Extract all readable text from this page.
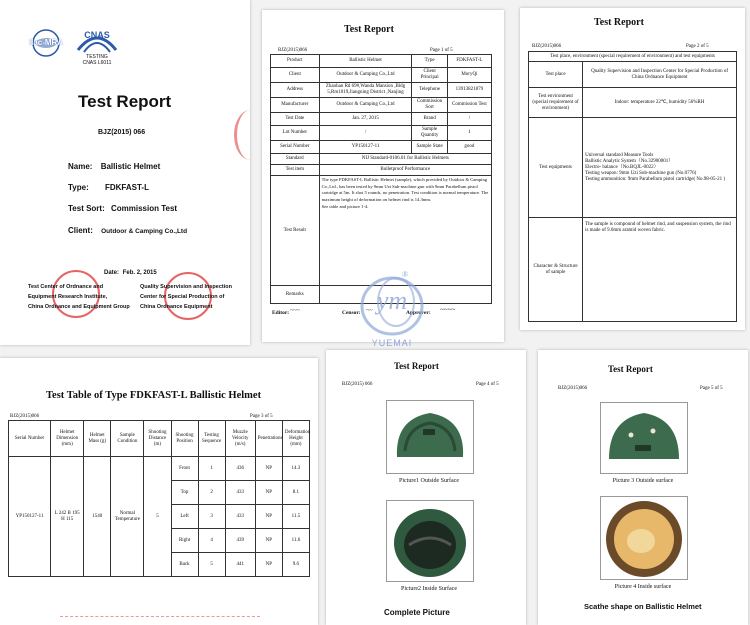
ilac-MRA
CNAS
TESTING
CNAS L6011
Test Report
BJZ(2015) 066
Name: Ballistic Helmet
Type: FDKFAST-L
Test Sort: Commission Test
Client: Outdoor & Camping Co.,Ltd
Date: Feb. 2, 2015
Test Center of Ordnance and
Equipment Research Institute,
China Ordnance and Equipment Group
Quality Supervision and Inspection
Center for Special Production of
China Ordnance Equipment
Test Report
BJZ(2015)066	Page 1 of 5
Product	Ballistic Helmet	Type	FDKFAST-L
Client	Outdoor & Camping Co.,Ltd	Client Principal	MoryQi
Address	Zhaohan Rd 69#,Wanda Mansion ,Bldg 5,Rm1019,Jiangning District ,Nanjing	Telephone	13913821879
Manufacturer	Outdoor & Camping Co.,Ltd	Commission Sort	Commission Test
Test Date	Jan. 27, 2015	Brand	/
Lot Number	/	Sample Quantity	1
Serial Number	YP150127-11	Sample State	good
Standard	NIJ Standard-0106.01 for Ballistic Helmets		
Test item	Bulletproof Performance		
Test Result	The type FDKFAST-L Ballistic Helmet (sample), which provided by Outdoor & Camping Co.,Ltd., has been tested by 9mm Uzi Sub-machine gun with 9mm Parabellum pistol cartridge at 5m. It shot 5 rounds, no penetration. Test condition is normal temperature. The maximum height of deformation on helmet rind is 14.3mm.
See table and picture 1-4.		

Remarks			
Editor: ~~~	Censor: ~~	Approver: ~~~~
Test Report
BJZ(2015)066	Page 2 of 5
Test place, environment (special requirement of environment) and test equipments	
Test place	Quality Supervision and Inspection Center for Special Production of China Ordnance Equipment
Test environment (special requirement of environment)	Indoor: temperature 22℃, humidity 56%RH
Test equipments	Universal standard Measure Tools
Ballistic Analytic System（No.32900001）
Electro- balance（No.BQJL-0022）
Testing weapon: 9mm Uzi Sub-machine gun (No.0776)
Testing ammunition: 9mm Parabellum pistol cartridge( No.98-05-21 )

Character & Structure of sample	The sample is compound of helmet rind, and suspension system, the rind is made of 9.0mm aramid woven fabric.
Test Table of Type FDKFAST-L Ballistic Helmet
BJZ(2015)066	Page 3 of 5
Serial Number	Helmet Dimension (mm)	Helmet Mass (g)	Sample Condition	Shooting Distance (m)	Shooting Position	Testing Sequence	Muzzle Velocity (m/s)	Penetrations	Deformation Height (mm)
YP150127-11	L 242 B 195 H 115	1540	Normal Temperature	5	Front	1	436	NP	14.3
					Top	2	433	NP	8.1
					Left	3	433	NP	11.5
					Right	4	439	NP	11.6
					Back	5	441	NP	9.6
®
ym
YUEMAI
Test Report
BJZ(2015) 066	Page 4 of 5
Picture1 Outside Surface
Picture2 Inside Surface
Complete Picture
Test Report
BJZ(2015)066	Page 5 of 5
Picture 3 Outside surface
Picture 4 Inside surface
Scathe shape on Ballistic Helmet
